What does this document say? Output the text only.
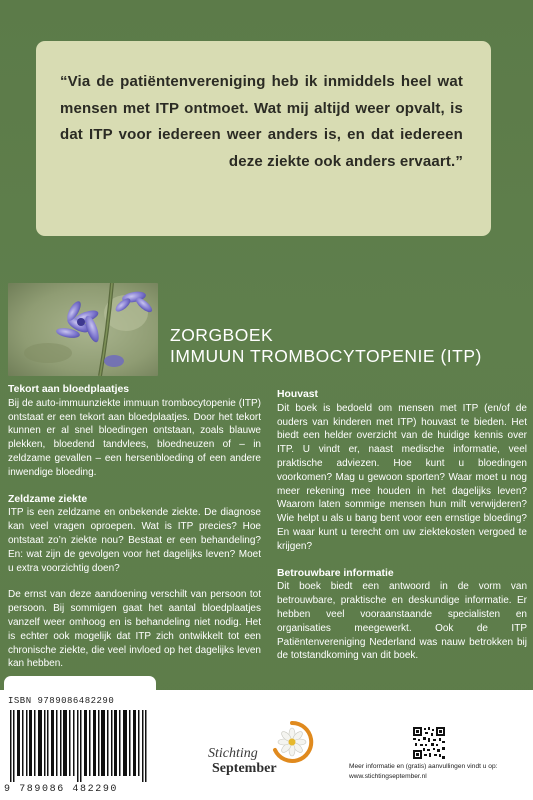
“Via de patiëntenvereniging heb ik inmiddels heel wat mensen met ITP ontmoet. Wat mij altijd weer opvalt, is dat ITP voor iedereen weer anders is, en dat iedereen deze ziekte ook anders ervaart.”

ZORGBOEK
IMMUUN TROMBOCYTOPENIE (ITP)

Tekort aan bloedplaatjes

Bij de auto-immuunziekte immuun trombocytopenie (ITP) ontstaat er een tekort aan bloedplaatjes. Door het tekort kunnen er al snel bloedingen ontstaan, zoals blauwe plekken, bloedend tandvlees, bloedneuzen of – in zeldzame gevallen – een hersenbloeding of een andere inwendige bloeding.

Zeldzame ziekte

ITP is een zeldzame en onbekende ziekte. De diagnose kan veel vragen oproepen. Wat is ITP precies? Hoe ontstaat zo’n ziekte nou? Bestaat er een behandeling? En: wat zijn de gevolgen voor het dagelijks leven? Moet u extra voorzichtig doen?

De ernst van deze aandoening verschilt van persoon tot persoon. Bij sommigen gaat het aantal bloedplaatjes vanzelf weer omhoog en is behandeling niet nodig. Het is echter ook mogelijk dat ITP zich ontwikkelt tot een chronische ziekte, die veel invloed op het dagelijks leven kan hebben.

Houvast

Dit boek is bedoeld om mensen met ITP (en/of de ouders van kinderen met ITP) houvast te bieden. Het biedt een helder overzicht van de huidige kennis over ITP. U vindt er, naast medische informatie, veel praktische adviezen. Hoe kunt u bloedingen voorkomen? Mag u gewoon sporten? Waar moet u nog meer rekening mee houden in het dagelijks leven? Waarom laten sommige mensen hun milt verwijderen? Wie helpt u als u bang bent voor een ernstige bloeding? En waar kunt u terecht om uw ziektekosten vergoed te krijgen?

Betrouwbare informatie

Dit boek biedt een antwoord in de vorm van betrouwbare, praktische en deskundige informatie. Er hebben veel vooraanstaande specialisten en organisaties meegewerkt. Ook de ITP Patiëntenvereniging Nederland was nauw betrokken bij de totstandkoming van dit boek.

ISBN 9789086482290
9 789086 482290
Stichting
September	Meer informatie en (gratis) aanvullingen vindt u op:
www.stichtingseptember.nl
